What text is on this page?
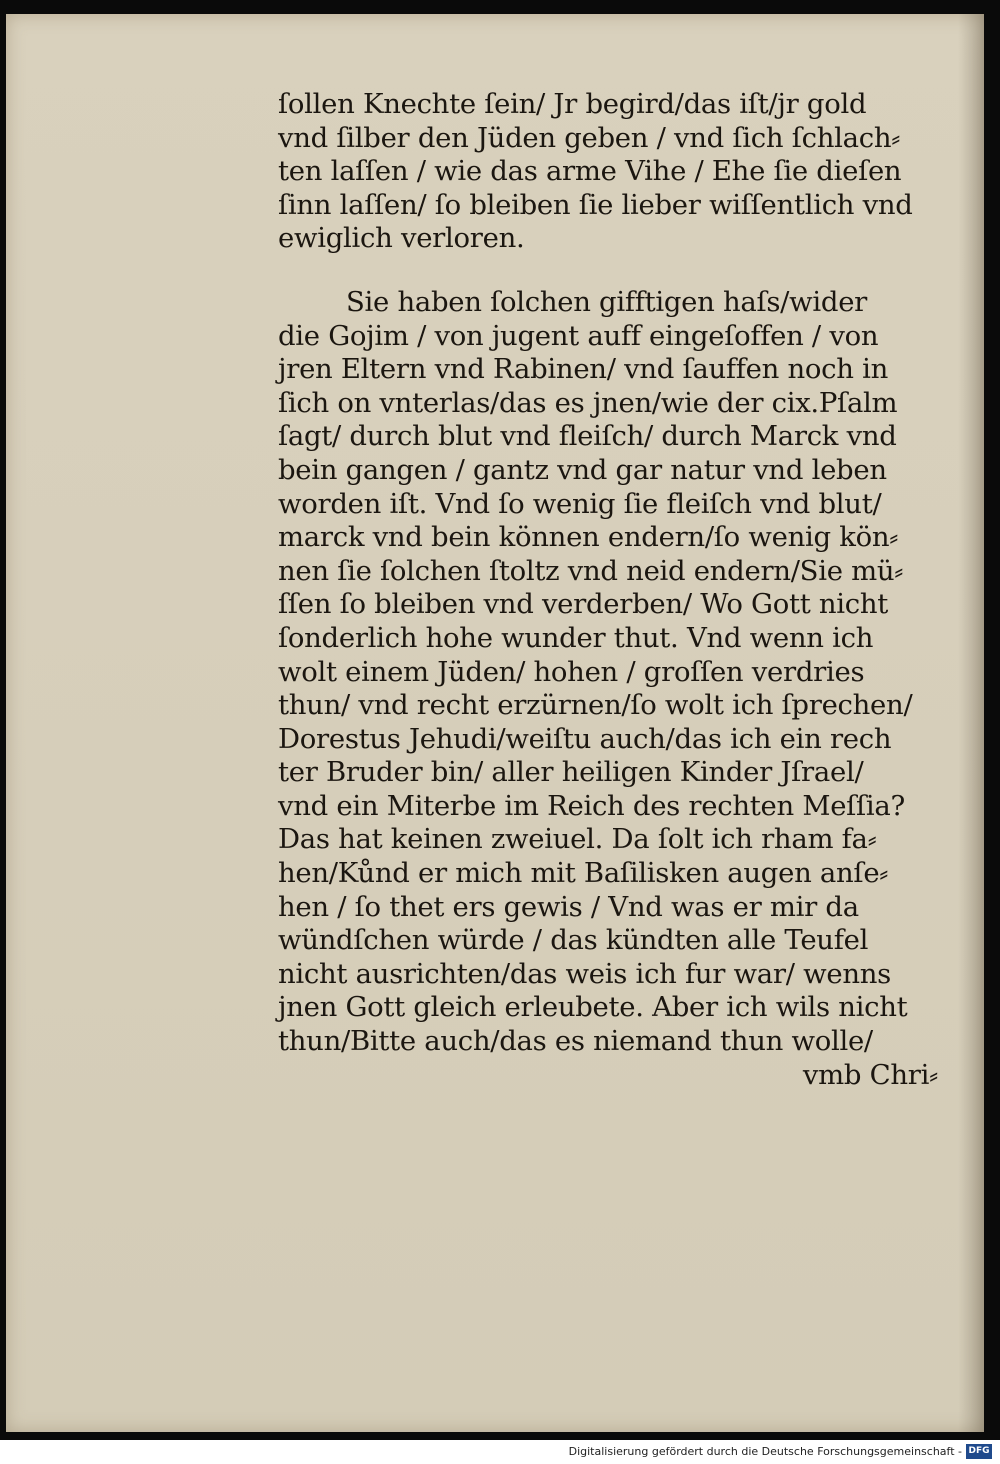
ſollen Knechte ſein/ Jr begird/das iſt/jr gold
vnd ſilber den Jüden geben / vnd ſich ſchlach⸗
ten laſſen / wie das arme Vihe / Ehe ſie dieſen
ſinn laſſen/ ſo bleiben ſie lieber wiſſentlich vnd
ewiglich verloren.
Sie haben ſolchen gifftigen haſs/wider
die Gojim / von jugent auff eingeſoffen / von
jren Eltern vnd Rabinen/ vnd ſauffen noch in
ſich on vnterlas/das es jnen/wie der cix.Pſalm
ſagt/ durch blut vnd fleiſch/ durch Marck vnd
bein gangen / gantz vnd gar natur vnd leben
worden iſt. Vnd ſo wenig ſie fleiſch vnd blut/
marck vnd bein können endern/ſo wenig kön⸗
nen ſie ſolchen ſtoltz vnd neid endern/Sie mü⸗
ſſen ſo bleiben vnd verderben/ Wo Gott nicht
ſonderlich hohe wunder thut. Vnd wenn ich
wolt einem Jüden/ hohen / groſſen verdries
thun/ vnd recht erzürnen/ſo wolt ich ſprechen/
Dorestus Jehudi/weiſtu auch/das ich ein rech
ter Bruder bin/ aller heiligen Kinder Jſrael/
vnd ein Miterbe im Reich des rechten Meſſia?
Das hat keinen zweiuel. Da ſolt ich rham fa⸗
hen/Kůnd er mich mit Baſilisken augen anſe⸗
hen / ſo thet ers gewis / Vnd was er mir da
wündſchen würde / das kündten alle Teufel
nicht ausrichten/das weis ich fur war/ wenns
jnen Gott gleich erleubete. Aber ich wils nicht
thun/Bitte auch/das es niemand thun wolle/
vmb Chri⸗
Digitalisierung gefördert durch die Deutsche Forschungsgemeinschaft - DFG
